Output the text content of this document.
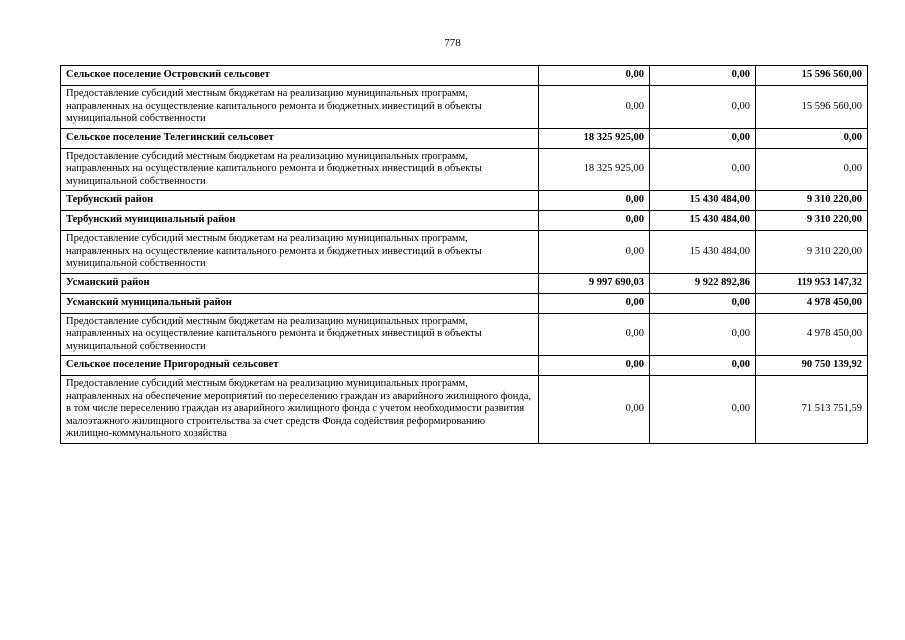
778
Сельское поселение Островский сельсовет	0,00	0,00	15 596 560,00
Предоставление субсидий местным бюджетам на реализацию муниципальных программ, направленных на осуществление капитального ремонта и бюджетных инвестиций в объекты муниципальной собственности	0,00	0,00	15 596 560,00
Сельское поселение Телегинский сельсовет	18 325 925,00	0,00	0,00
Предоставление субсидий местным бюджетам на реализацию муниципальных программ, направленных на осуществление капитального ремонта и бюджетных инвестиций в объекты муниципальной собственности	18 325 925,00	0,00	0,00
Тербунский район	0,00	15 430 484,00	9 310 220,00
Тербунский муниципальный район	0,00	15 430 484,00	9 310 220,00
Предоставление субсидий местным бюджетам на реализацию муниципальных программ, направленных на осуществление капитального ремонта и бюджетных инвестиций в объекты муниципальной собственности	0,00	15 430 484,00	9 310 220,00
Усманский район	9 997 690,03	9 922 892,86	119 953 147,32
Усманский муниципальный район	0,00	0,00	4 978 450,00
Предоставление субсидий местным бюджетам на реализацию муниципальных программ, направленных на осуществление капитального ремонта и бюджетных инвестиций в объекты муниципальной собственности	0,00	0,00	4 978 450,00
Сельское поселение Пригородный сельсовет	0,00	0,00	90 750 139,92
Предоставление субсидий местным бюджетам на реализацию муниципальных программ, направленных на обеспечение мероприятий по переселению граждан из аварийного жилищного фонда, в том числе переселению граждан из аварийного жилищного фонда с учетом необходимости развития малоэтажного жилищного строительства за счет средств Фонда содействия реформированию жилищно-коммунального хозяйства	0,00	0,00	71 513 751,59
